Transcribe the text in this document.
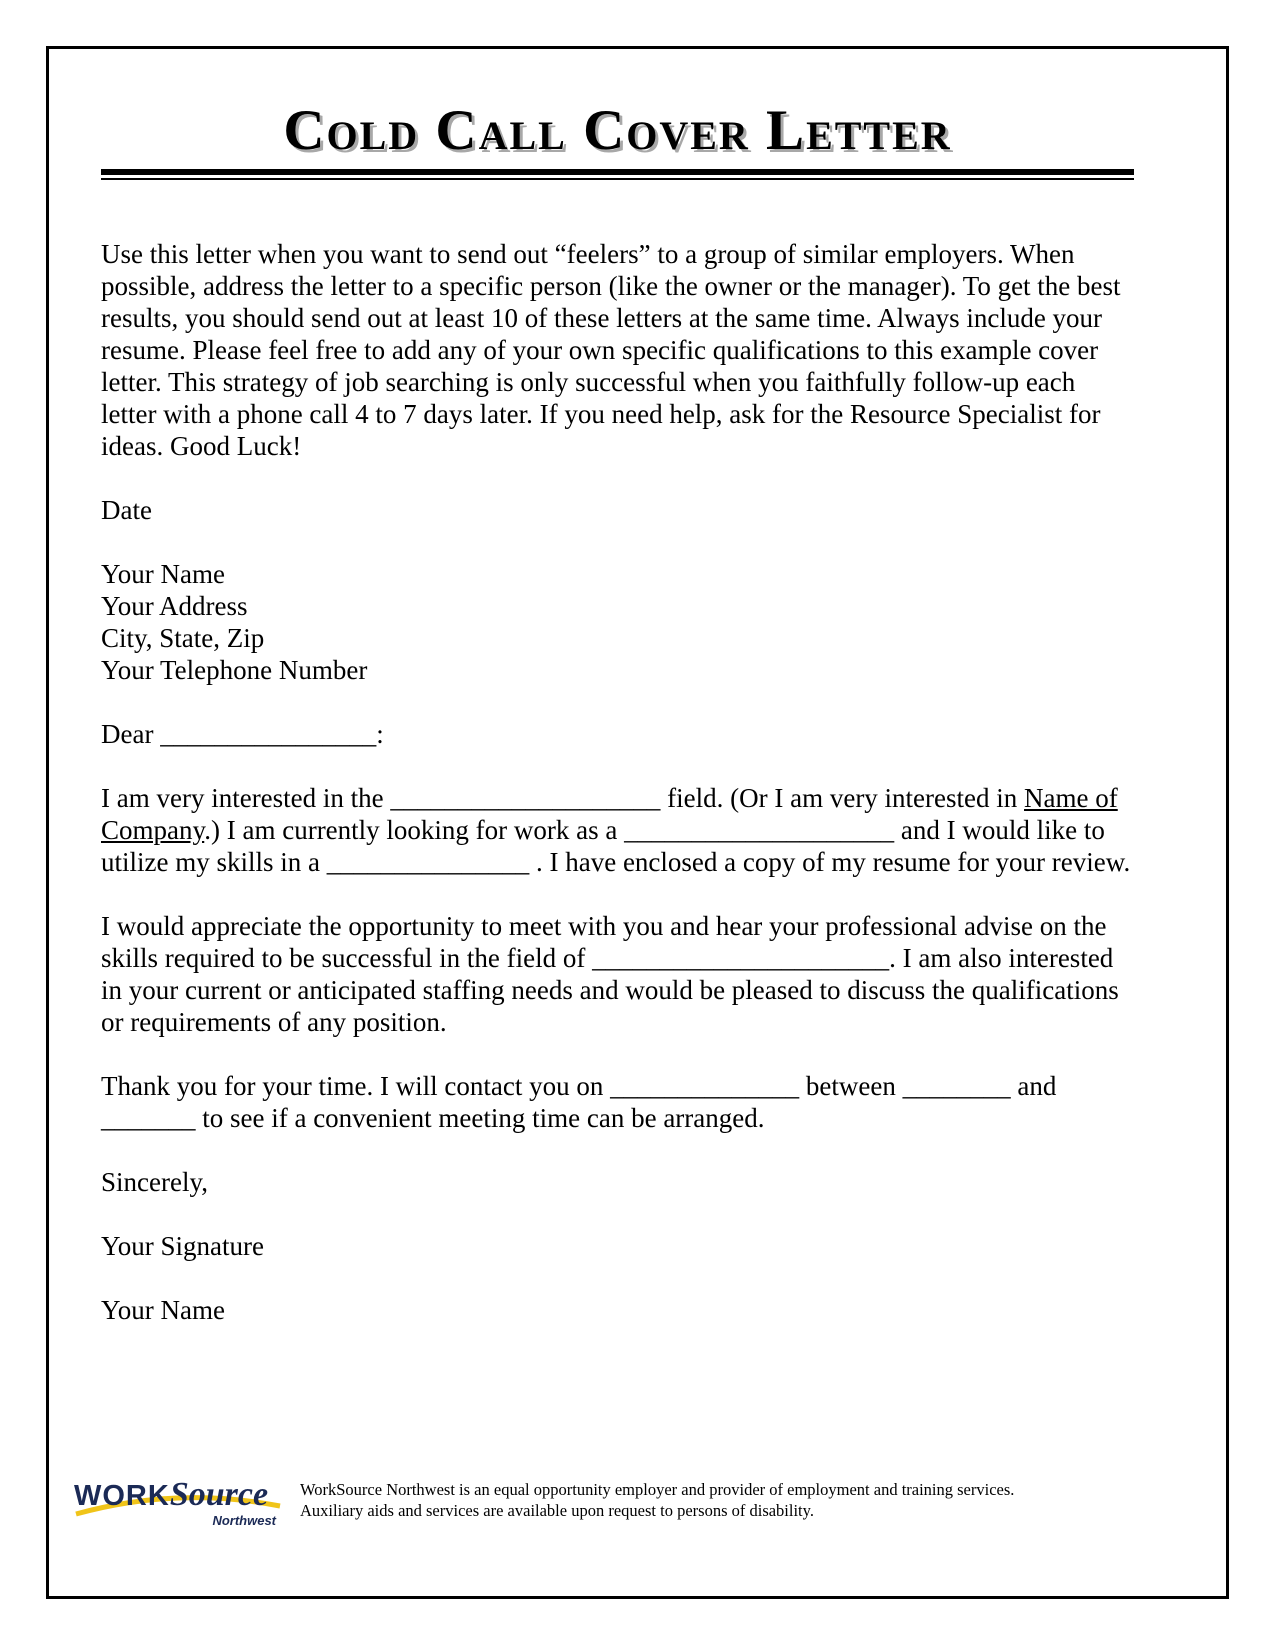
Cold Call Cover Letter

Use this letter when you want to send out “feelers” to a group of similar employers. When possible, address the letter to a specific person (like the owner or the manager). To get the best results, you should send out at least 10 of these letters at the same time. Always include your resume. Please feel free to add any of your own specific qualifications to this example cover letter. This strategy of job searching is only successful when you faithfully follow-up each letter with a phone call 4 to 7 days later. If you need help, ask for the Resource Specialist for ideas. Good Luck!

Date

Your Name
Your Address
City, State, Zip
Your Telephone Number

Dear ________________:

I am very interested in the ____________________ field. (Or I am very interested in Name of Company.) I am currently looking for work as a ____________________ and I would like to utilize my skills in a _______________ . I have enclosed a copy of my resume for your review.

I would appreciate the opportunity to meet with you and hear your professional advise on the skills required to be successful in the field of ______________________. I am also interested in your current or anticipated staffing needs and would be pleased to discuss the qualifications or requirements of any position.

Thank you for your time. I will contact you on ______________ between ________ and _______ to see if a convenient meeting time can be arranged.

Sincerely,

Your Signature

Your Name

WORKSource
Northwest
WorkSource Northwest is an equal opportunity employer and provider of employment and training services.
Auxiliary aids and services are available upon request to persons of disability.
